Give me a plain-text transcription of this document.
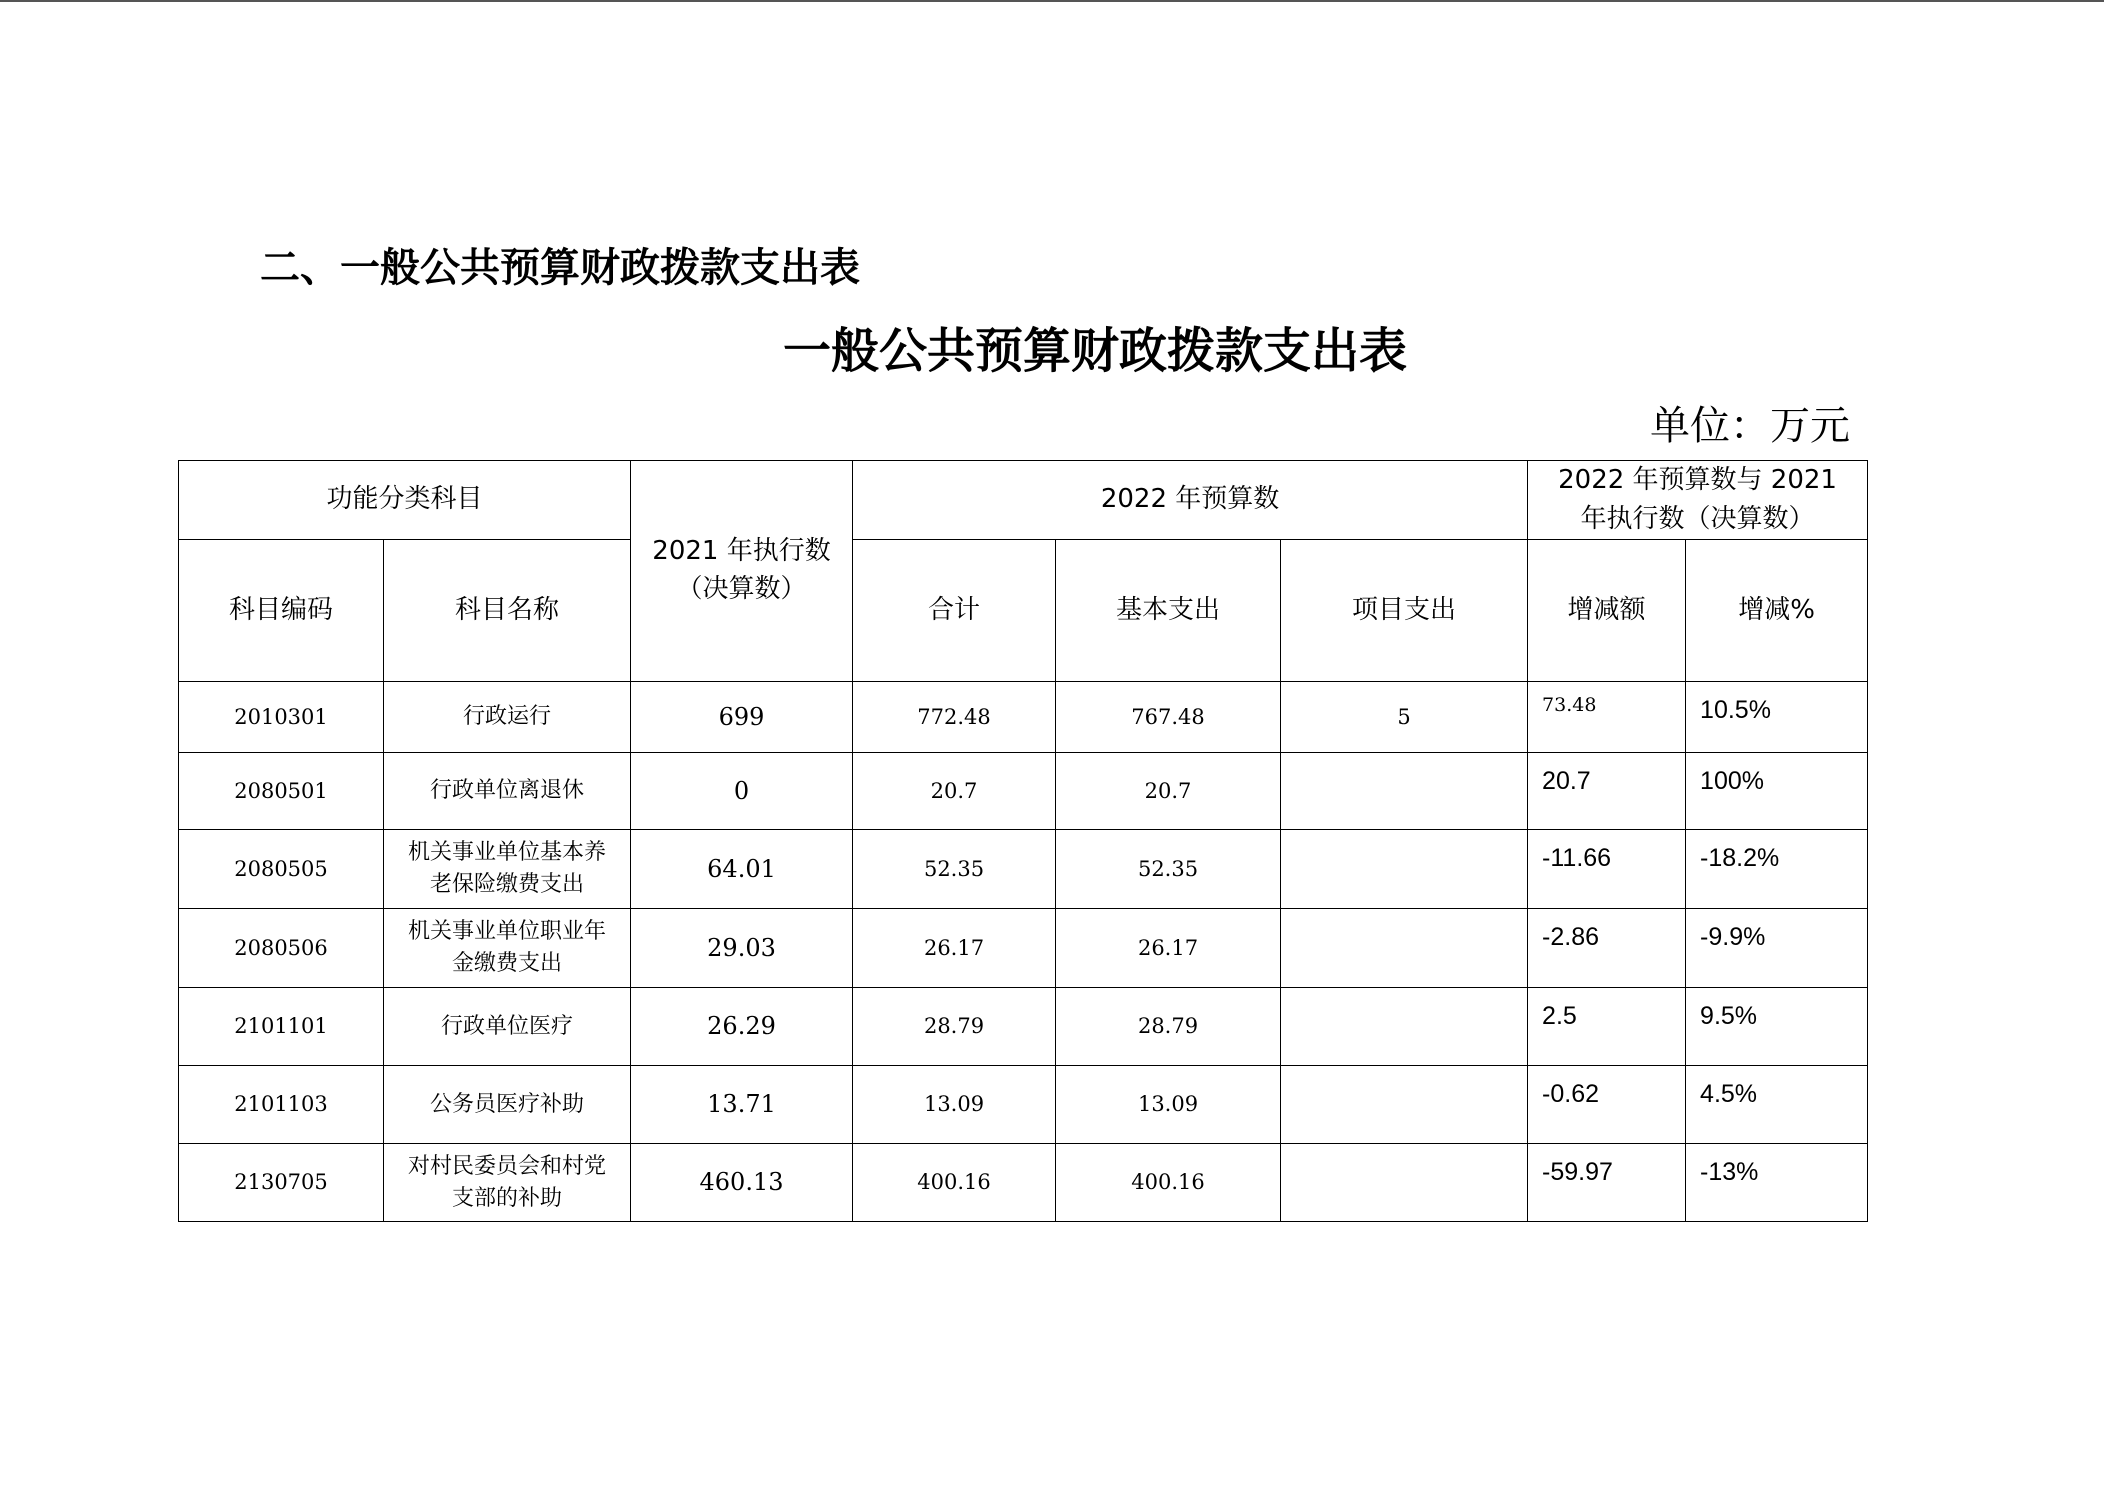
二、一般公共预算财政拨款支出表
一般公共预算财政拨款支出表
单位：万元
功能分类科目		2021 年执行数（决算数）	2022 年预算数			2022 年预算数与 2021 年执行数（决算数）	
科目编码	科目名称		合计	基本支出	项目支出	增减额	增减%
2010301	行政运行	699	772.48	767.48	5	73.48	10.5%
2080501	行政单位离退休	0	20.7	20.7		20.7	100%
2080505	机关事业单位基本养老保险缴费支出	64.01	52.35	52.35		-11.66	-18.2%
2080506	机关事业单位职业年金缴费支出	29.03	26.17	26.17		-2.86	-9.9%
2101101	行政单位医疗	26.29	28.79	28.79		2.5	9.5%
2101103	公务员医疗补助	13.71	13.09	13.09		-0.62	4.5%
2130705	对村民委员会和村党支部的补助	460.13	400.16	400.16		-59.97	-13%
